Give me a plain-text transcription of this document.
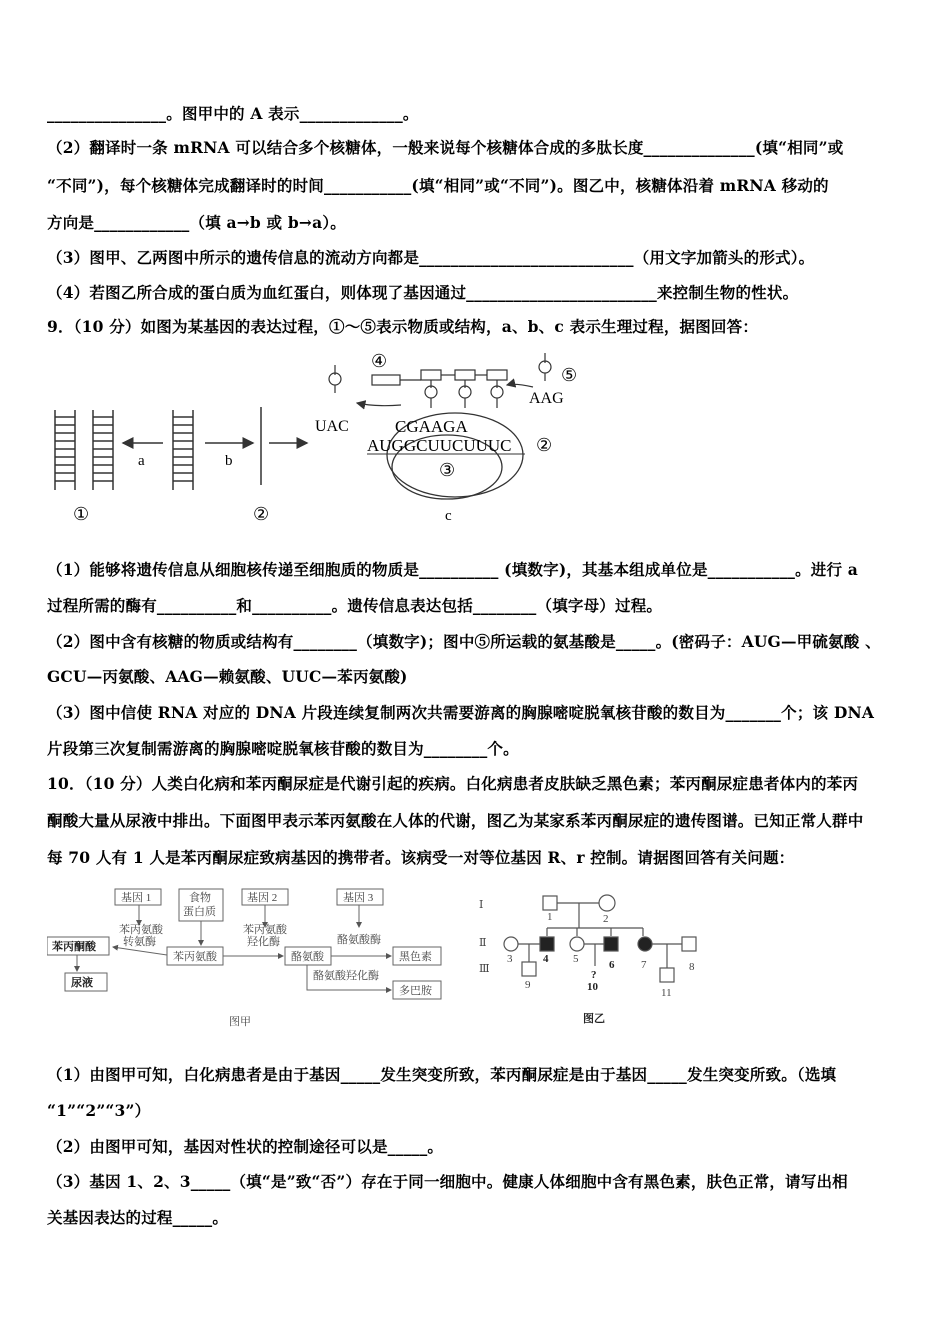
_______________。图甲中的 A 表示_____________。
（2）翻译时一条 mRNA 可以结合多个核糖体，一般来说每个核糖体合成的多肽长度______________(填“相同”或
“不同”)，每个核糖体完成翻译时的时间___________(填“相同”或“不同”)。图乙中，核糖体沿着 mRNA 移动的
方向是____________（填 a→b 或 b→a）。
（3）图甲、乙两图中所示的遗传信息的流动方向都是___________________________（用文字加箭头的形式）。
（4）若图乙所合成的蛋白质为血红蛋白，则体现了基因通过________________________来控制生物的性状。
9．（10 分）如图为某基因的表达过程，①～⑤表示物质或结构，a、b、c 表示生理过程，据图回答：
a	b
①	②
AUGGCUUCUUUC
CGAAGA
③
②
c
④
⑤
UAC
AAG
（1）能够将遗传信息从细胞核传递至细胞质的物质是__________ (填数字)，其基本组成单位是___________。进行 a
过程所需的酶有__________和__________。遗传信息表达包括________（填字母）过程。
（2）图中含有核糖的物质或结构有________（填数字)；图中⑤所运载的氨基酸是_____。(密码子：AUG—甲硫氨酸 、
GCU—丙氨酸、AAG—赖氨酸、UUC—苯丙氨酸)
（3）图中信使 RNA 对应的 DNA 片段连续复制两次共需要游离的胸腺嘧啶脱氧核苷酸的数目为_______个；该 DNA
片段第三次复制需游离的胸腺嘧啶脱氧核苷酸的数目为________个。
10．（10 分）人类白化病和苯丙酮尿症是代谢引起的疾病。白化病患者皮肤缺乏黑色素；苯丙酮尿症患者体内的苯丙
酮酸大量从尿液中排出。下面图甲表示苯丙氨酸在人体的代谢，图乙为某家系苯丙酮尿症的遗传图谱。已知正常人群中
每 70 人有 1 人是苯丙酮尿症致病基因的携带者。该病受一对等位基因 R、r 控制。请据图回答有关问题：
基因 1	食物
蛋白质
基因 2	基因 3
苯丙氨酸
转氨酶
苯丙氨酸
羟化酶	酪氨酸酶
酪氨酸羟化酶
苯丙酮酸
苯丙氨酸	酪氨酸	黑色素
尿液
多巴胺
图甲
Ⅰ
Ⅱ
Ⅲ
1	2
3	4 5	6 7	8
9
?
10	11
图乙
（1）由图甲可知，白化病患者是由于基因_____发生突变所致，苯丙酮尿症是由于基因_____发生突变所致。（选填
“1”“2”“3”）
（2）由图甲可知，基因对性状的控制途径可以是_____。
（3）基因 1、2、3_____（填“是”致“否”）存在于同一细胞中。健康人体细胞中含有黑色素，肤色正常，请写出相
关基因表达的过程_____。
